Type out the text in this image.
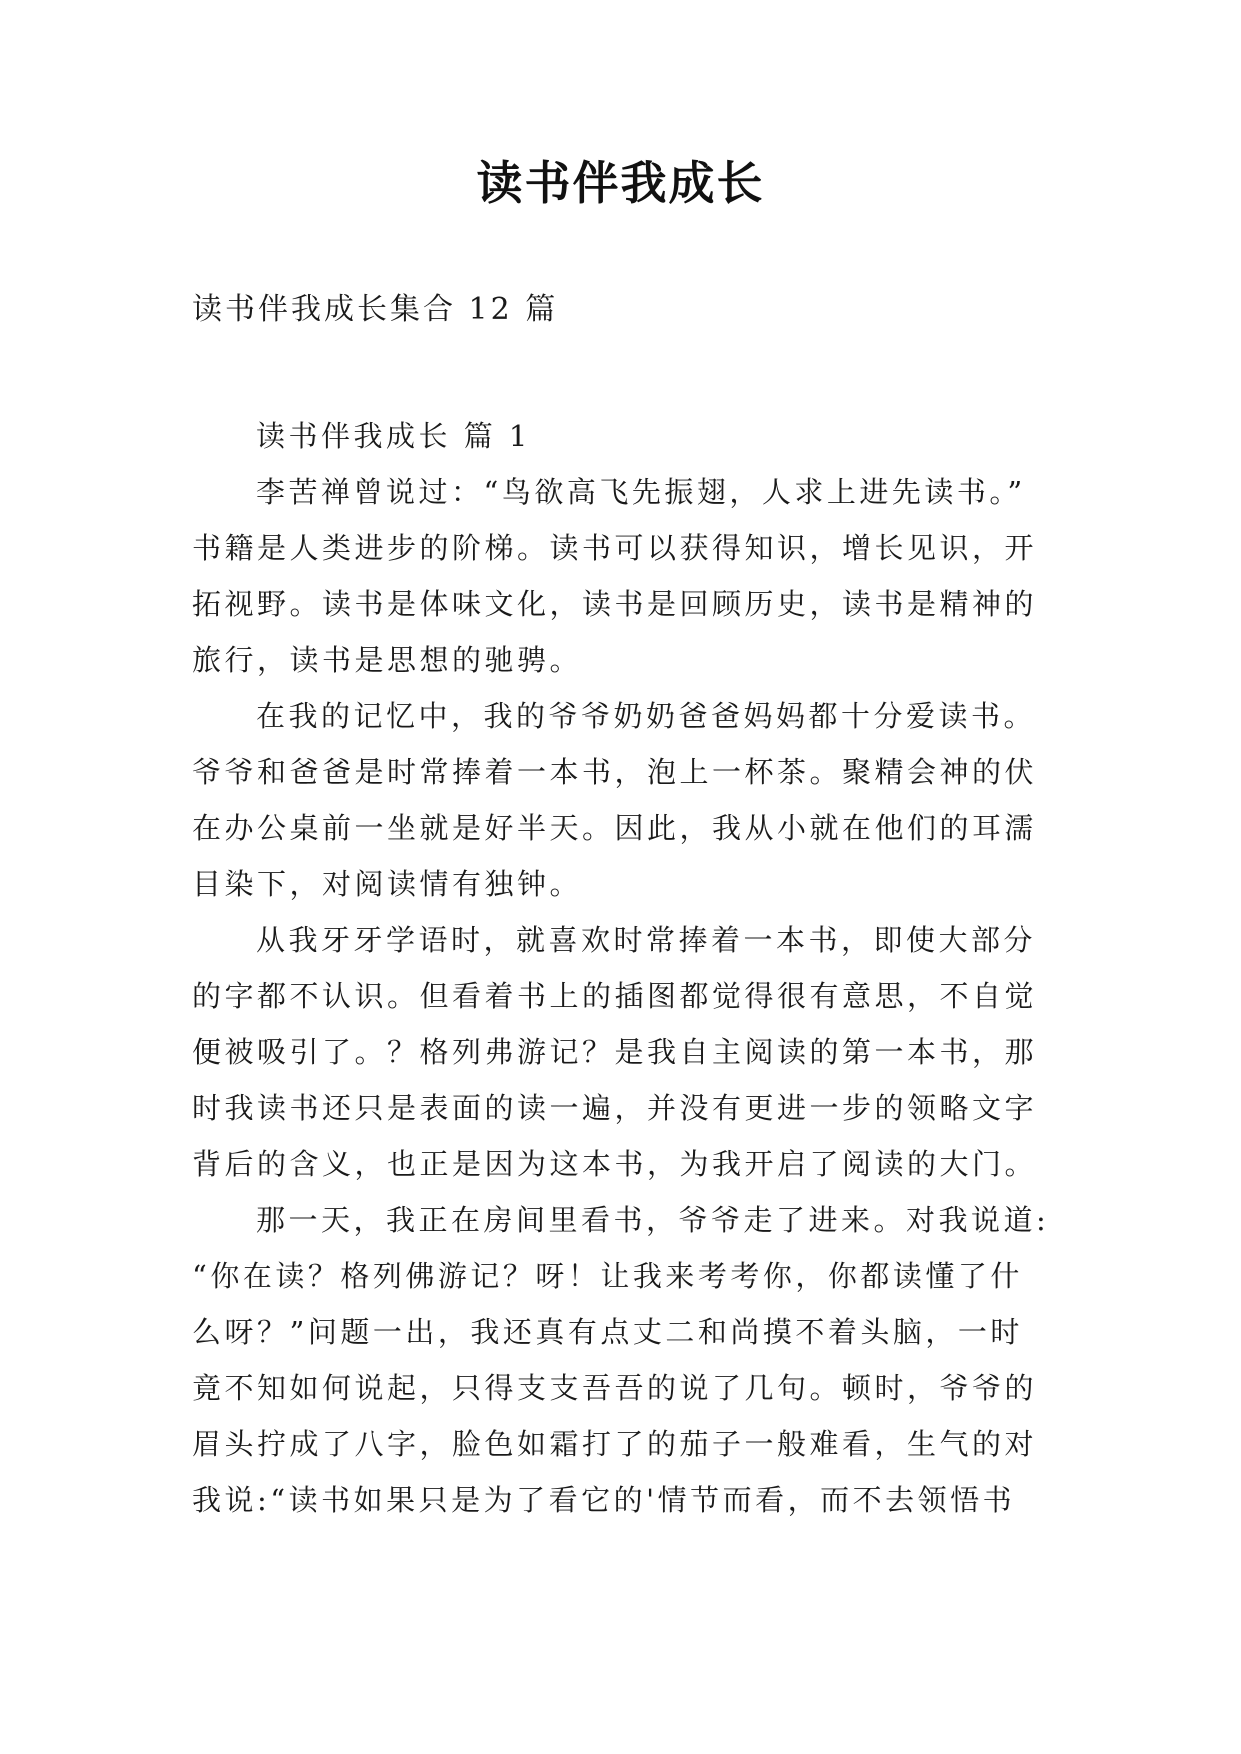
读书伴我成长
读书伴我成长集合 12 篇
读书伴我成长 篇 1
李苦禅曾说过：“鸟欲高飞先振翅，人求上进先读书。”
书籍是人类进步的阶梯。读书可以获得知识，增长见识，开
拓视野。读书是体味文化，读书是回顾历史，读书是精神的
旅行，读书是思想的驰骋。
在我的记忆中，我的爷爷奶奶爸爸妈妈都十分爱读书。
爷爷和爸爸是时常捧着一本书，泡上一杯茶。聚精会神的伏
在办公桌前一坐就是好半天。因此，我从小就在他们的耳濡
目染下，对阅读情有独钟。
从我牙牙学语时，就喜欢时常捧着一本书，即使大部分
的字都不认识。但看着书上的插图都觉得很有意思，不自觉
便被吸引了。？格列弗游记？是我自主阅读的第一本书，那
时我读书还只是表面的读一遍，并没有更进一步的领略文字
背后的含义，也正是因为这本书，为我开启了阅读的大门。
那一天，我正在房间里看书，爷爷走了进来。对我说道:
“你在读？格列佛游记？呀！让我来考考你，你都读懂了什
么呀？”问题一出，我还真有点丈二和尚摸不着头脑，一时
竟不知如何说起，只得支支吾吾的说了几句。顿时，爷爷的
眉头拧成了八字，脸色如霜打了的茄子一般难看，生气的对
我说:“读书如果只是为了看它的'情节而看，而不去领悟书
